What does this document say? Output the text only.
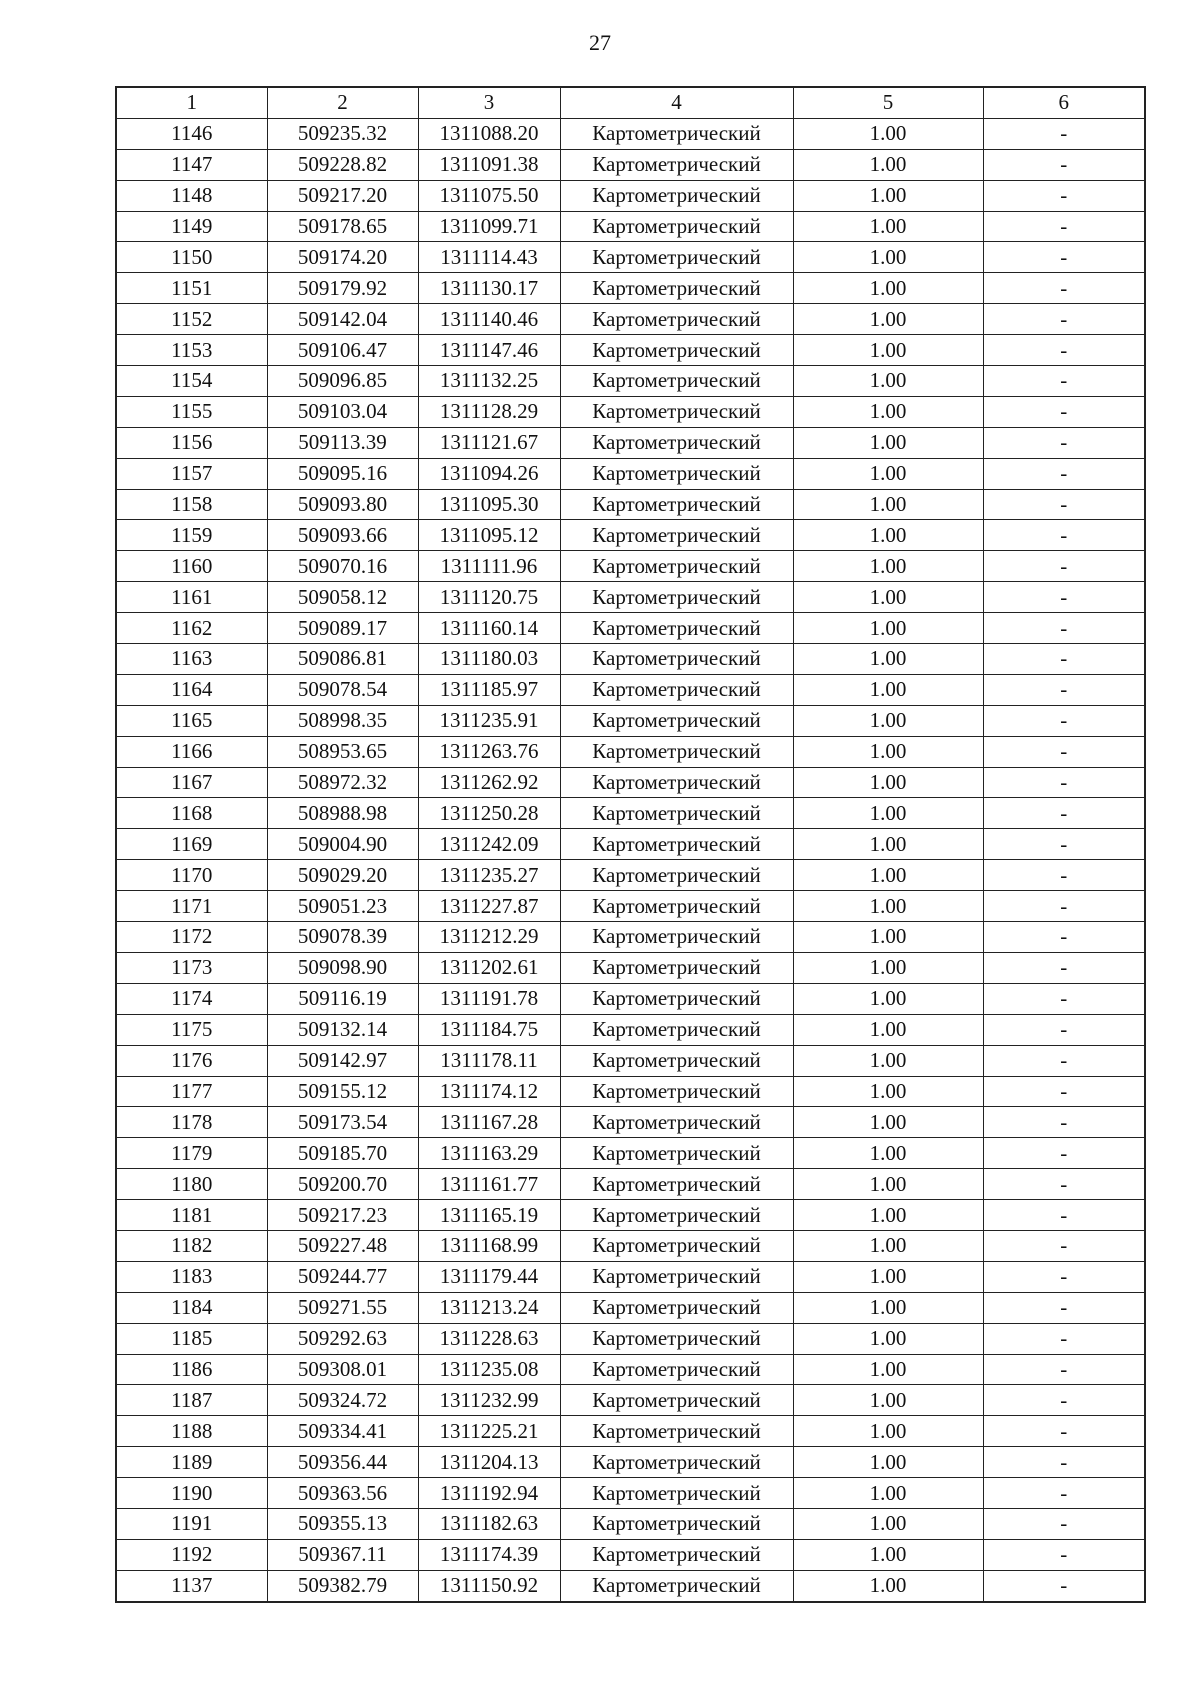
27
1	2	3	4	5	6
1146	509235.32	1311088.20	Картометрический	1.00	-
1147	509228.82	1311091.38	Картометрический	1.00	-
1148	509217.20	1311075.50	Картометрический	1.00	-
1149	509178.65	1311099.71	Картометрический	1.00	-
1150	509174.20	1311114.43	Картометрический	1.00	-
1151	509179.92	1311130.17	Картометрический	1.00	-
1152	509142.04	1311140.46	Картометрический	1.00	-
1153	509106.47	1311147.46	Картометрический	1.00	-
1154	509096.85	1311132.25	Картометрический	1.00	-
1155	509103.04	1311128.29	Картометрический	1.00	-
1156	509113.39	1311121.67	Картометрический	1.00	-
1157	509095.16	1311094.26	Картометрический	1.00	-
1158	509093.80	1311095.30	Картометрический	1.00	-
1159	509093.66	1311095.12	Картометрический	1.00	-
1160	509070.16	1311111.96	Картометрический	1.00	-
1161	509058.12	1311120.75	Картометрический	1.00	-
1162	509089.17	1311160.14	Картометрический	1.00	-
1163	509086.81	1311180.03	Картометрический	1.00	-
1164	509078.54	1311185.97	Картометрический	1.00	-
1165	508998.35	1311235.91	Картометрический	1.00	-
1166	508953.65	1311263.76	Картометрический	1.00	-
1167	508972.32	1311262.92	Картометрический	1.00	-
1168	508988.98	1311250.28	Картометрический	1.00	-
1169	509004.90	1311242.09	Картометрический	1.00	-
1170	509029.20	1311235.27	Картометрический	1.00	-
1171	509051.23	1311227.87	Картометрический	1.00	-
1172	509078.39	1311212.29	Картометрический	1.00	-
1173	509098.90	1311202.61	Картометрический	1.00	-
1174	509116.19	1311191.78	Картометрический	1.00	-
1175	509132.14	1311184.75	Картометрический	1.00	-
1176	509142.97	1311178.11	Картометрический	1.00	-
1177	509155.12	1311174.12	Картометрический	1.00	-
1178	509173.54	1311167.28	Картометрический	1.00	-
1179	509185.70	1311163.29	Картометрический	1.00	-
1180	509200.70	1311161.77	Картометрический	1.00	-
1181	509217.23	1311165.19	Картометрический	1.00	-
1182	509227.48	1311168.99	Картометрический	1.00	-
1183	509244.77	1311179.44	Картометрический	1.00	-
1184	509271.55	1311213.24	Картометрический	1.00	-
1185	509292.63	1311228.63	Картометрический	1.00	-
1186	509308.01	1311235.08	Картометрический	1.00	-
1187	509324.72	1311232.99	Картометрический	1.00	-
1188	509334.41	1311225.21	Картометрический	1.00	-
1189	509356.44	1311204.13	Картометрический	1.00	-
1190	509363.56	1311192.94	Картометрический	1.00	-
1191	509355.13	1311182.63	Картометрический	1.00	-
1192	509367.11	1311174.39	Картометрический	1.00	-
1137	509382.79	1311150.92	Картометрический	1.00	-
